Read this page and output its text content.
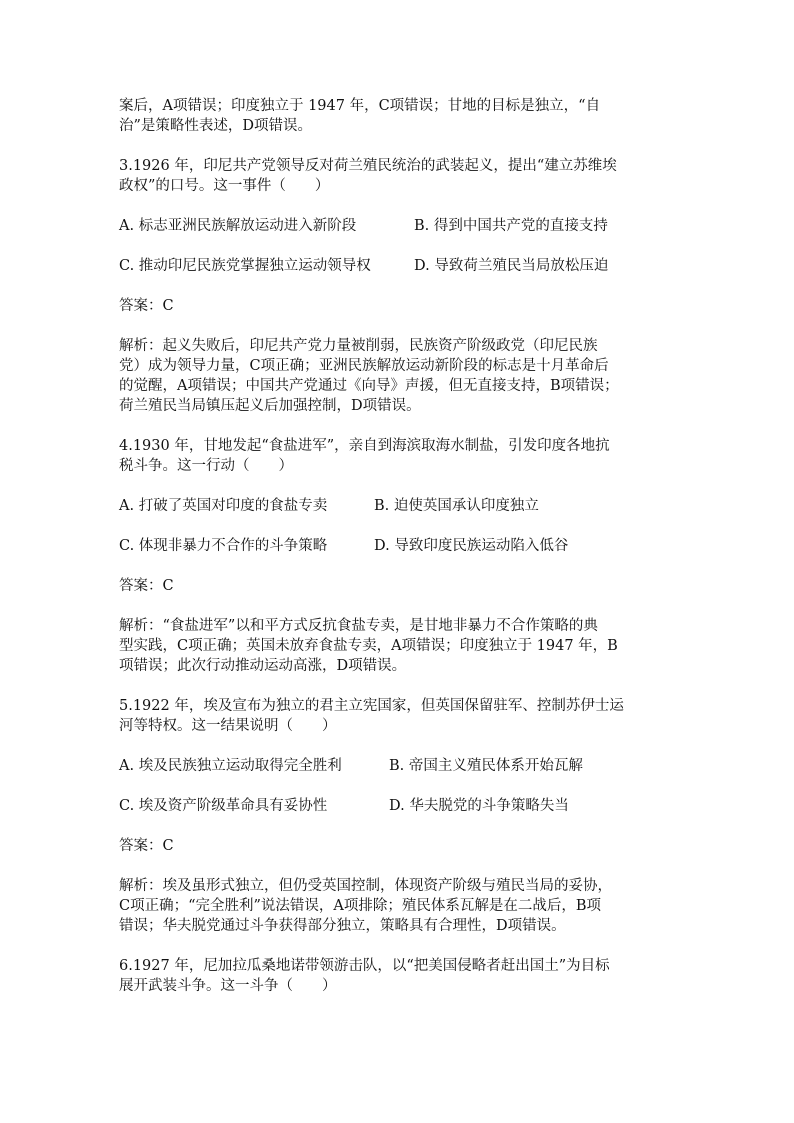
案后，A项错误；印度独立于 1947 年，C项错误；甘地的目标是独立，“自
治”是策略性表述，D项错误。

3.1926 年，印尼共产党领导反对荷兰殖民统治的武装起义，提出“建立苏维埃
政权”的口号。这一事件（　　）

A. 标志亚洲民族解放运动进入新阶段	B. 得到中国共产党的直接支持
C. 推动印尼民族党掌握独立运动领导权	D. 导致荷兰殖民当局放松压迫

答案：C

解析：起义失败后，印尼共产党力量被削弱，民族资产阶级政党（印尼民族
党）成为领导力量，C项正确；亚洲民族解放运动新阶段的标志是十月革命后
的觉醒，A项错误；中国共产党通过《向导》声援，但无直接支持，B项错误；
荷兰殖民当局镇压起义后加强控制，D项错误。

4.1930 年，甘地发起“食盐进军”，亲自到海滨取海水制盐，引发印度各地抗
税斗争。这一行动（　　）

A. 打破了英国对印度的食盐专卖	B. 迫使英国承认印度独立
C. 体现非暴力不合作的斗争策略	D. 导致印度民族运动陷入低谷

答案：C

解析：“食盐进军”以和平方式反抗食盐专卖，是甘地非暴力不合作策略的典
型实践，C项正确；英国未放弃食盐专卖，A项错误；印度独立于 1947 年，B
项错误；此次行动推动运动高涨，D项错误。

5.1922 年，埃及宣布为独立的君主立宪国家，但英国保留驻军、控制苏伊士运
河等特权。这一结果说明（　　）

A. 埃及民族独立运动取得完全胜利	B. 帝国主义殖民体系开始瓦解
C. 埃及资产阶级革命具有妥协性	D. 华夫脱党的斗争策略失当

答案：C

解析：埃及虽形式独立，但仍受英国控制，体现资产阶级与殖民当局的妥协，
C项正确；“完全胜利”说法错误，A项排除；殖民体系瓦解是在二战后，B项
错误；华夫脱党通过斗争获得部分独立，策略具有合理性，D项错误。

6.1927 年，尼加拉瓜桑地诺带领游击队，以“把美国侵略者赶出国土”为目标
展开武装斗争。这一斗争（　　）
